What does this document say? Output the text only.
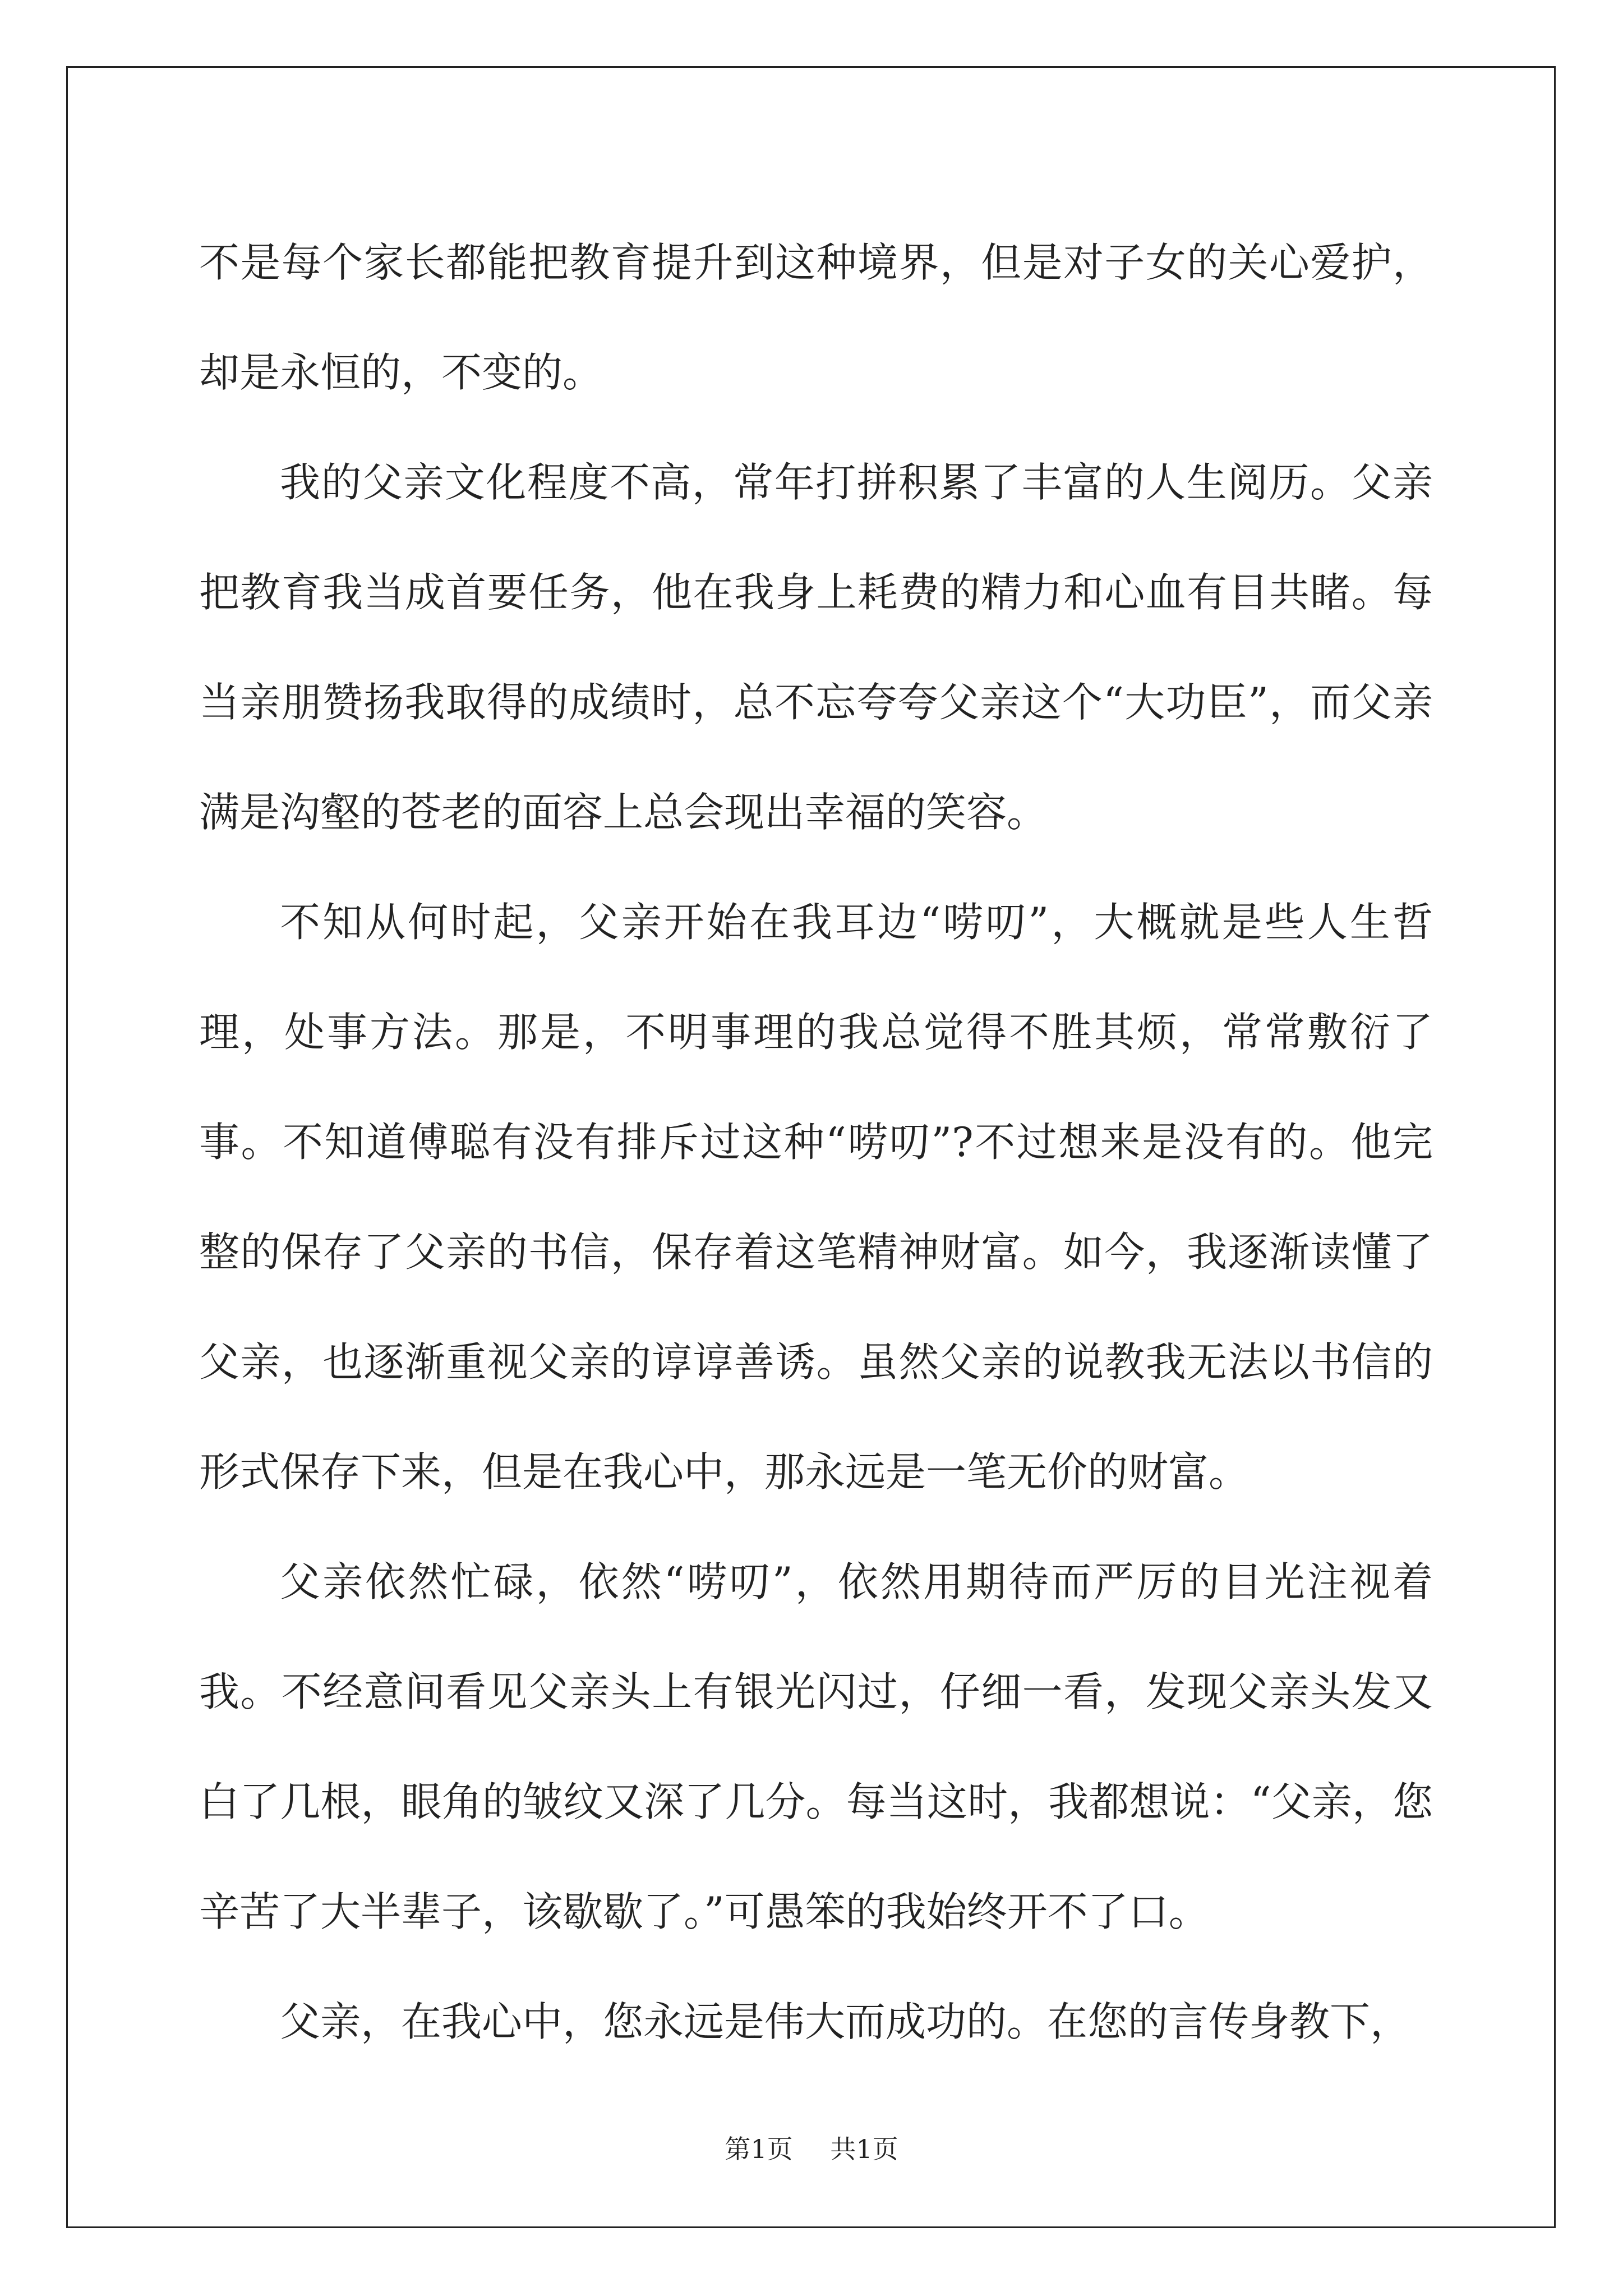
不是每个家长都能把教育提升到这种境界，但是对子女的关心爱护，却是永恒的，不变的。

我的父亲文化程度不高，常年打拼积累了丰富的人生阅历。父亲把教育我当成首要任务，他在我身上耗费的精力和心血有目共睹。每当亲朋赞扬我取得的成绩时，总不忘夸夸父亲这个“大功臣”，而父亲满是沟壑的苍老的面容上总会现出幸福的笑容。

不知从何时起，父亲开始在我耳边“唠叨”，大概就是些人生哲理，处事方法。那是，不明事理的我总觉得不胜其烦，常常敷衍了事。不知道傅聪有没有排斥过这种“唠叨”?不过想来是没有的。他完整的保存了父亲的书信，保存着这笔精神财富。如今，我逐渐读懂了父亲，也逐渐重视父亲的谆谆善诱。虽然父亲的说教我无法以书信的形式保存下来，但是在我心中，那永远是一笔无价的财富。

父亲依然忙碌，依然“唠叨”，依然用期待而严厉的目光注视着我。不经意间看见父亲头上有银光闪过，仔细一看，发现父亲头发又白了几根，眼角的皱纹又深了几分。每当这时，我都想说：“父亲，您辛苦了大半辈子，该歇歇了。”可愚笨的我始终开不了口。

父亲，在我心中，您永远是伟大而成功的。在您的言传身教下，

第1页 共1页
